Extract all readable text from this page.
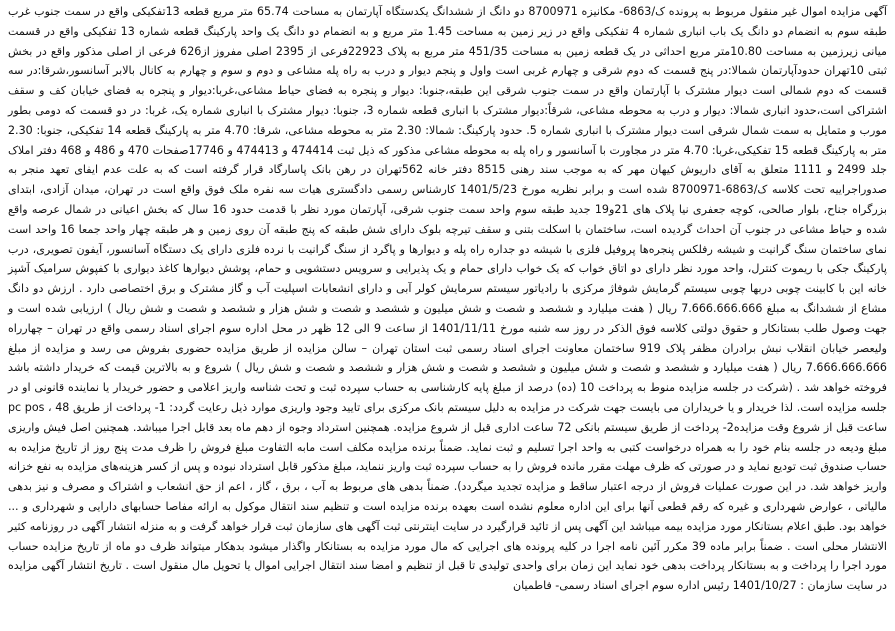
آگهی مزایده اموال غیر منقول مربوط به پرونده ک/6863- مکانیزه 8700971 دو دانگ از ششدانگ یکدستگاه آپارتمان به مساحت 65.74 متر مربع قطعه 13تفکیکی واقع در سمت جنوب غرب طبقه سوم به انضمام دو دانگ یک باب انباری شماره 4 تفکیکی واقع در زیر زمین به مساحت 1.45 متر مربع و به انضمام دو دانگ یک واحد پارکینگ قطعه شماره 13 تفکیکی واقع در قسمت میانی زیرزمین به مساحت 10.80متر مربع احداثی در یک قطعه زمین به مساحت 451/35 متر مربع به پلاک 22923فرعی از 2395 اصلی مفروز از626 فرعی از اصلی مذکور واقع در بخش ثبتی 10تهران حدودآپارتمان شمالا:در پنج قسمت که دوم شرقی و چهارم غربی است واول و پنجم دیوار و درب به راه پله مشاعی و دوم و سوم و چهارم به کانال بالابر آسانسور،شرقا:در سه قسمت که دوم شمالی است دیوار مشترک با آپارتمان واقع در سمت جنوب شرقی این طبقه،جنوبا: دیوار و پنجره به فضای حیاط مشاعی،غربا:دیوار و پنجره به فضای خیابان کف و سقف اشتراکی است،حدود انباری شمالا: دیوار و درب به محوطه مشاعی، شرقاً:دیوار مشترک با انباری قطعه شماره 3، جنوبا: دیوار مشترک با انباری شماره یک، غربا: در دو قسمت که دومی بطور مورب و متمایل به سمت شمال شرقی است دیوار مشترک با انباری شماره 5. حدود پارکینگ: شمالا: 2.30 متر به محوطه مشاعی، شرقا: 4.70 متر به پارکینگ قطعه 14 تفکیکی، جنوبا: 2.30 متر به پارکینگ قطعه 15 تفکیکی،غربا: 4.70 متر در مجاورت با آسانسور و راه پله به محوطه مشاعی مذکور که ذیل ثبت 474414 و 474413 و 17746صفحات 470 و 486 و 468 دفتر املاک جلد 2499 و 1111 متعلق به آقای داریوش کیهان مهر که به موجب سند رهنی 8515 دفتر خانه 562تهران در رهن بانک پاسارگاد قرار گرفته است که به علت عدم ایفای تعهد منجر به صدوراجراییه تحت کلاسه ک/6863-8700971 شده است و برابر نظریه مورخ 1401/5/23 کارشناس رسمی دادگستری هیات سه نفره ملک فوق واقع است در تهران، میدان آزادی، ابتدای بزرگراه جناح، بلوار صالحی، کوچه جعفری نیا پلاک های 21و19 جدید طبقه سوم واحد سمت جنوب شرقی، آپارتمان مورد نظر با قدمت حدود 16 سال که بخش اعیانی در شمال عرصه واقع شده و حیاط مشاعی در جنوب آن احداث گردیده است، ساختمان با اسکلت بتنی و سقف تیرچه بلوک دارای شش طبقه که پنج طبقه آن روی زمین و هر طبقه چهار واحد جمعا 16 واحد است نمای ساختمان سنگ گرانیت و شیشه رفلکس پنجره‌ها پروفیل فلزی با شیشه دو جداره راه پله و دیوارها و پاگرد از سنگ گرانیت با نرده فلزی دارای یک دستگاه آسانسور، آیفون تصویری، درب پارکینگ جکی با ریموت کنترل، واحد مورد نظر دارای دو اتاق خواب که یک خواب دارای حمام و یک پذیرایی و سرویس دستشویی و حمام، پوشش دیوارها کاغذ دیواری با کفپوش سرامیک آشپز خانه این با کابینت چوبی دربها چوبی سیستم گرمایش شوفاژ مرکزی با رادیاتور سیستم سرمایش کولر آبی و دارای انشعابات اسپلیت آب و گاز مشترک و برق اختصاصی دارد . ارزش دو دانگ مشاع از ششدانگ به مبلغ 7.666.666.666 ریال ( هفت میلیارد و ششصد و شصت و شش میلیون و ششصد و شصت و شش هزار و ششصد و شصت و شش ریال ) ارزیابی شده است و جهت وصول طلب بستانکار و حقوق دولتی کلاسه فوق الذکر در روز سه شنبه مورخ 1401/11/11 از ساعت 9 الی 12 ظهر در محل اداره سوم اجرای اسناد رسمی واقع در تهران – چهارراه ولیعصر خیابان انقلاب نبش برادران مظفر پلاک 919 ساختمان معاونت اجرای اسناد رسمی ثبت استان تهران – سالن مزایده از طریق مزایده حضوری بفروش می رسد و مزایده از مبلغ 7.666.666.666 ریال ( هفت میلیارد و ششصد و شصت و شش میلیون و ششصد و شصت و شش هزار و ششصد و شصت و شش ریال ) شروع و به بالاترین قیمت که خریدار داشته باشد فروخته خواهد شد . (شرکت در جلسه مزایده منوط به پرداخت 10 (ده) درصد از مبلغ پایه کارشناسی به حساب سپرده ثبت و تحت شناسه واریز اعلامی و حضور خریدار یا نماینده قانونی او در جلسه مزایده است. لذا خریدار و یا خریداران می بایست جهت شرکت در مزایده به دلیل سیستم بانک مرکزی برای تایید وجود واریزی موارد ذیل رعایت گردد: 1- پرداخت از طریق pc pos ، 48 ساعت قبل از شروع وقت مزایده2- پرداخت از طریق سیستم بانکی 72 ساعت اداری قبل از شروع مزایده. همچنین استرداد وجوه از دهم ماه بعد قابل اجرا میباشد. همچنین اصل فیش واریزی مبلغ ودیعه در جلسه بنام خود را به همراه درخواست کتبی به واحد اجرا تسلیم و ثبت نماید. ضمناً برنده مزایده مکلف است مابه التفاوت مبلغ فروش را ظرف مدت پنج روز از تاریخ مزایده به حساب صندوق ثبت تودیع نماید و در صورتی که ظرف مهلت مقرر مانده فروش را به حساب سپرده ثبت واریز ننماید، مبلغ مذکور قابل استرداد نبوده و پس از کسر هزینه‌های مزایده به نفع خزانه واریز خواهد شد. در این صورت عملیات فروش از درجه اعتبار ساقط و مزایده تجدید میگردد). ضمناً بدهی های مربوط به آب ، برق ، گاز ، اعم از حق انشعاب و اشتراک و مصرف و نیز بدهی مالیاتی ، عوارض شهرداری و غیره که رقم قطعی آنها برای این اداره معلوم نشده است بعهده برنده مزایده است و تنظیم سند انتقال موکول به ارائه مفاصا حسابهای دارایی و شهرداری و ... خواهد بود. طبق اعلام بستانکار مورد مزایده بیمه میباشد این آگهی پس از تائید قرارگیرد در سایت اینترنتی ثبت آگهی های سازمان ثبت قرار خواهد گرفت و به منزله انتشار آگهی در روزنامه کثیر الانتشار محلی است . ضمناً برابر ماده 39 مکرر آئین نامه اجرا در کلیه پرونده های اجرایی که مال مورد مزایده به بستانکار واگذار میشود بدهکار میتواند ظرف دو ماه از تاریخ مزایده حساب مورد اجرا را پرداخت و به بستانکار پرداخت بدهی خود نماید این زمان برای واحدی تولیدی تا قبل از تنظیم و امضا سند انتقال اجرایی اموال یا تحویل مال منقول است . تاریخ انتشار آگهی مزایده در سایت سازمان : 1401/10/27 رئیس اداره سوم اجرای اسناد رسمی- فاطمیان
